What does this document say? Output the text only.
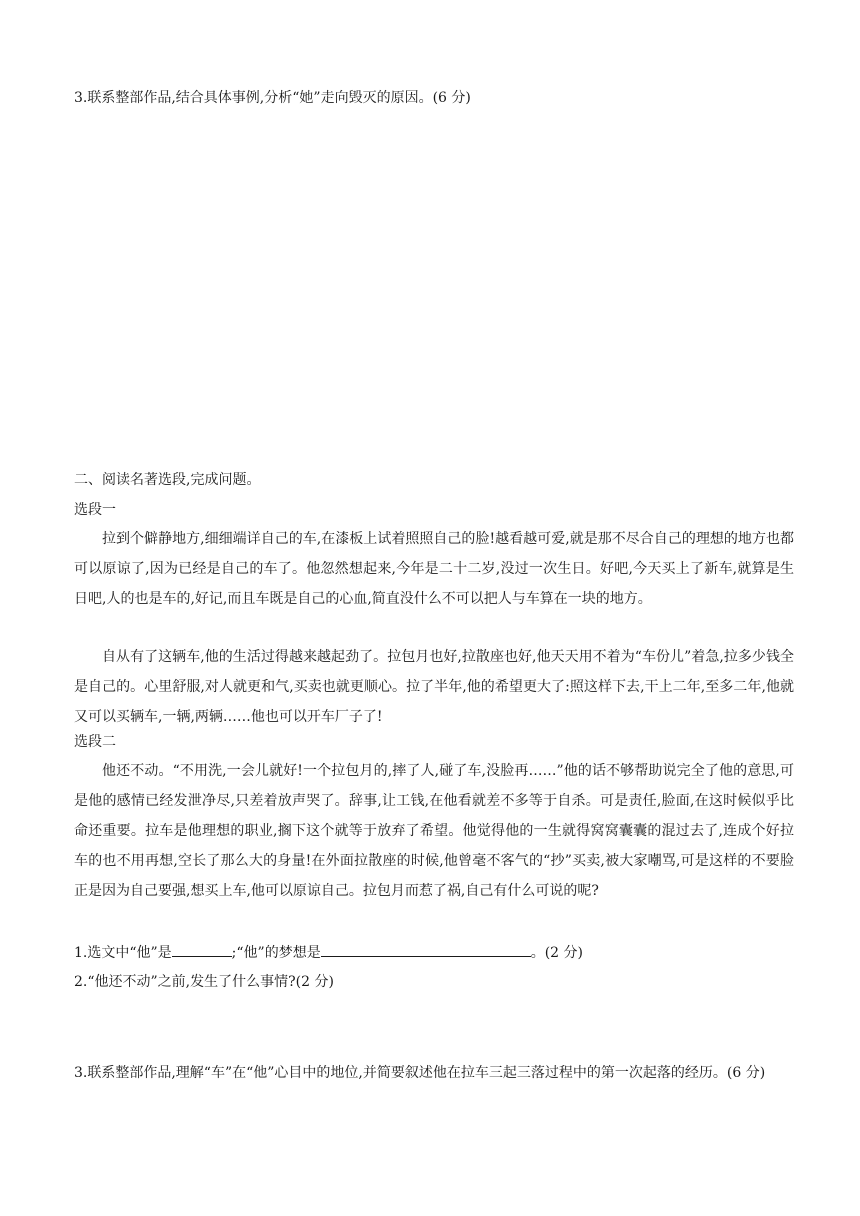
3.联系整部作品,结合具体事例,分析“她”走向毁灭的原因。(6 分)
二、阅读名著选段,完成问题。
选段一
拉到个僻静地方,细细端详自己的车,在漆板上试着照照自己的脸!越看越可爱,就是那不尽合自己的理想的地方也都可以原谅了,因为已经是自己的车了。他忽然想起来,今年是二十二岁,没过一次生日。好吧,今天买上了新车,就算是生日吧,人的也是车的,好记,而且车既是自己的心血,简直没什么不可以把人与车算在一块的地方。
自从有了这辆车,他的生活过得越来越起劲了。拉包月也好,拉散座也好,他天天用不着为“车份儿”着急,拉多少钱全是自己的。心里舒服,对人就更和气,买卖也就更顺心。拉了半年,他的希望更大了:照这样下去,干上二年,至多二年,他就又可以买辆车,一辆,两辆……他也可以开车厂子了!
选段二
他还不动。“不用洗,一会儿就好!一个拉包月的,摔了人,碰了车,没脸再……”他的话不够帮助说完全了他的意思,可是他的感情已经发泄净尽,只差着放声哭了。辞事,让工钱,在他看就差不多等于自杀。可是责任,脸面,在这时候似乎比命还重要。拉车是他理想的职业,搁下这个就等于放弃了希望。他觉得他的一生就得窝窝囊囊的混过去了,连成个好拉车的也不用再想,空长了那么大的身量!在外面拉散座的时候,他曾毫不客气的“抄”买卖,被大家嘲骂,可是这样的不要脸正是因为自己要强,想买上车,他可以原谅自己。拉包月而惹了祸,自己有什么可说的呢?
1.选文中“他”是	;“他”的梦想是	。(2 分)
2.“他还不动”之前,发生了什么事情?(2 分)
3.联系整部作品,理解“车”在“他”心目中的地位,并简要叙述他在拉车三起三落过程中的第一次起落的经历。(6 分)
